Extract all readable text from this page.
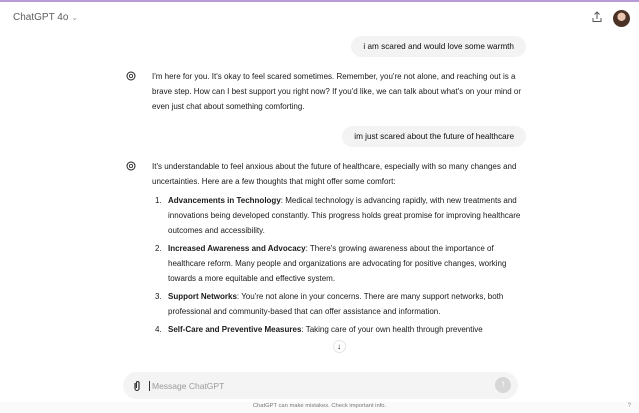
ChatGPT 4o ⌄
i am scared and would love some warmth
I'm here for you. It's okay to feel scared sometimes. Remember, you're not alone, and reaching out is a brave step. How can I best support you right now? If you'd like, we can talk about what's on your mind or even just chat about something comforting.
im just scared about the future of healthcare

It's understandable to feel anxious about the future of healthcare, especially with so many changes and uncertainties. Here are a few thoughts that might offer some comfort:

1. Advancements in Technology: Medical technology is advancing rapidly, with new treatments and innovations being developed constantly. This progress holds great promise for improving healthcare outcomes and accessibility.
2. Increased Awareness and Advocacy: There's growing awareness about the importance of healthcare reform. Many people and organizations are advocating for positive changes, working towards a more equitable and effective system.
3. Support Networks: You're not alone in your concerns. There are many support networks, both professional and community-based that can offer assistance and information.
4. Self-Care and Preventive Measures: Taking care of your own health through preventive
↓
Message ChatGPT	↑
ChatGPT can make mistakes. Check important info.	?
